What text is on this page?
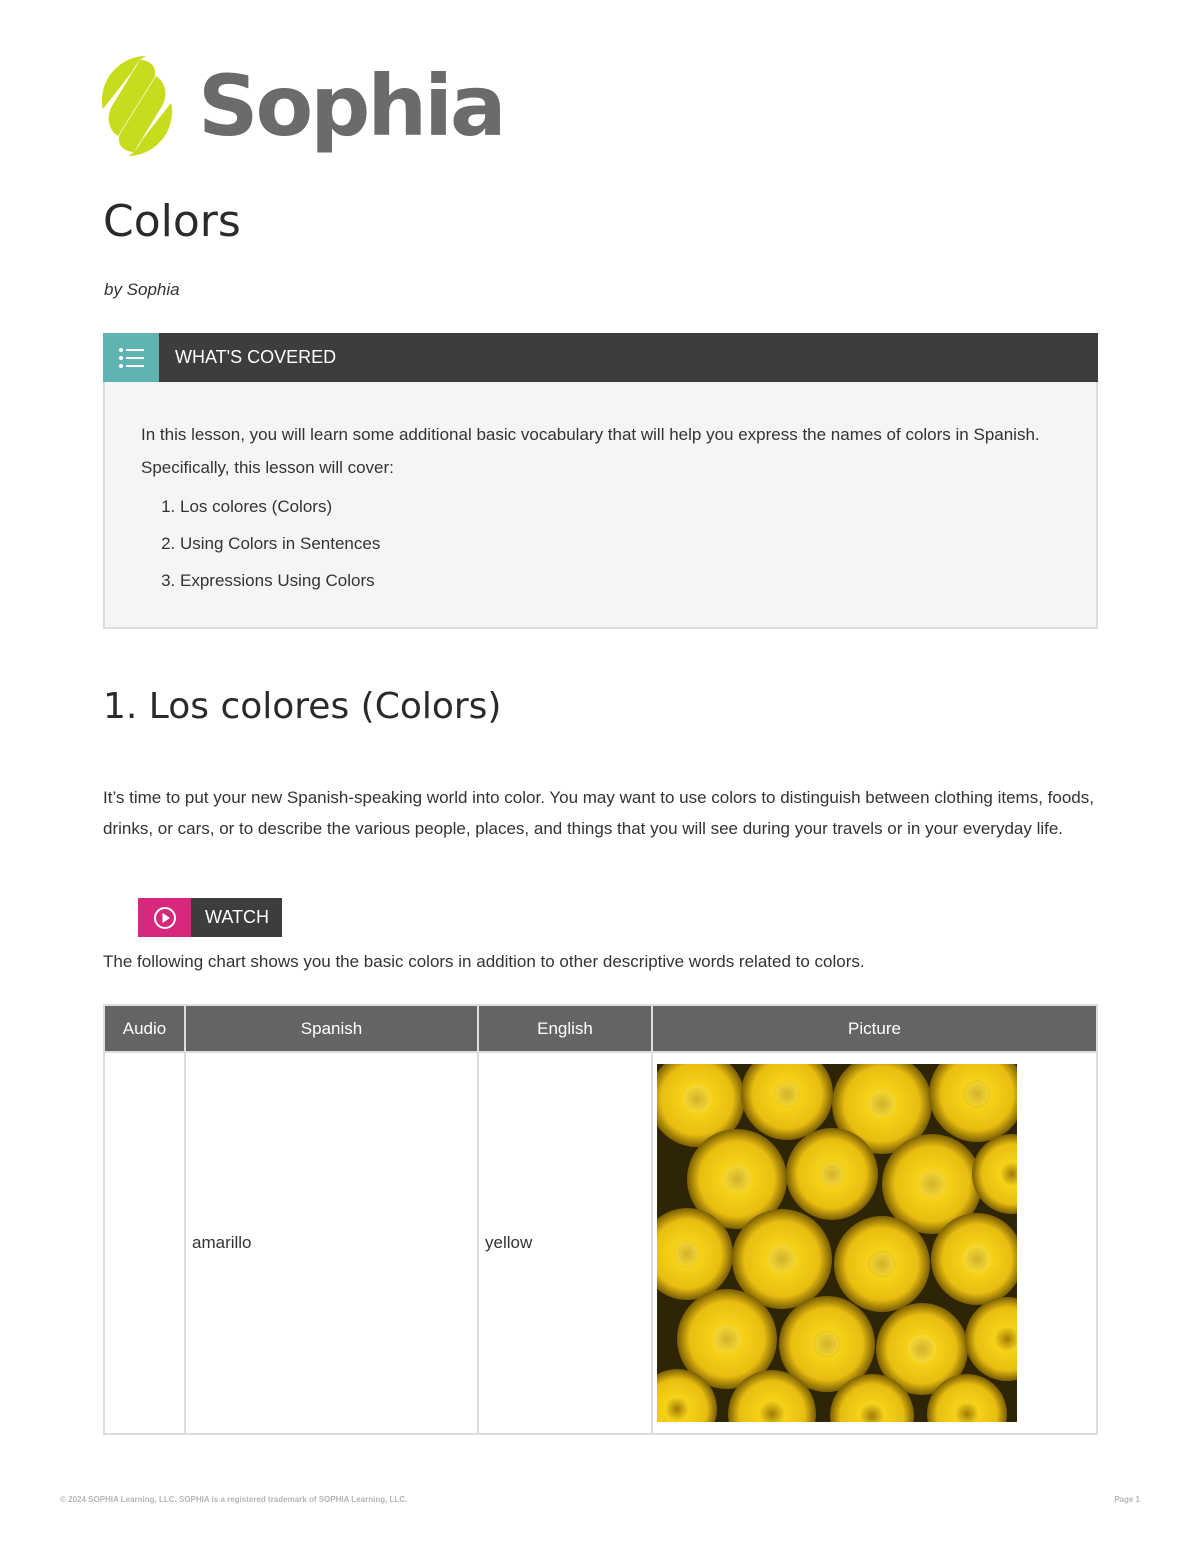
Sophia
Colors
by Sophia
WHAT'S COVERED

In this lesson, you will learn some additional basic vocabulary that will help you express the names of colors in Spanish. Specifically, this lesson will cover:

1. Los colores (Colors)
2. Using Colors in Sentences
3. Expressions Using Colors
1. Los colores (Colors)

It’s time to put your new Spanish-speaking world into color. You may want to use colors to distinguish between clothing items, foods, drinks, or cars, or to describe the various people, places, and things that you will see during your travels or in your everyday life.

WATCH

The following chart shows you the basic colors in addition to other descriptive words related to colors.

Audio	Spanish	English	Picture
	amarillo	yellow	
© 2024 SOPHIA Learning, LLC. SOPHIA is a registered trademark of SOPHIA Learning, LLC.	Page 1
